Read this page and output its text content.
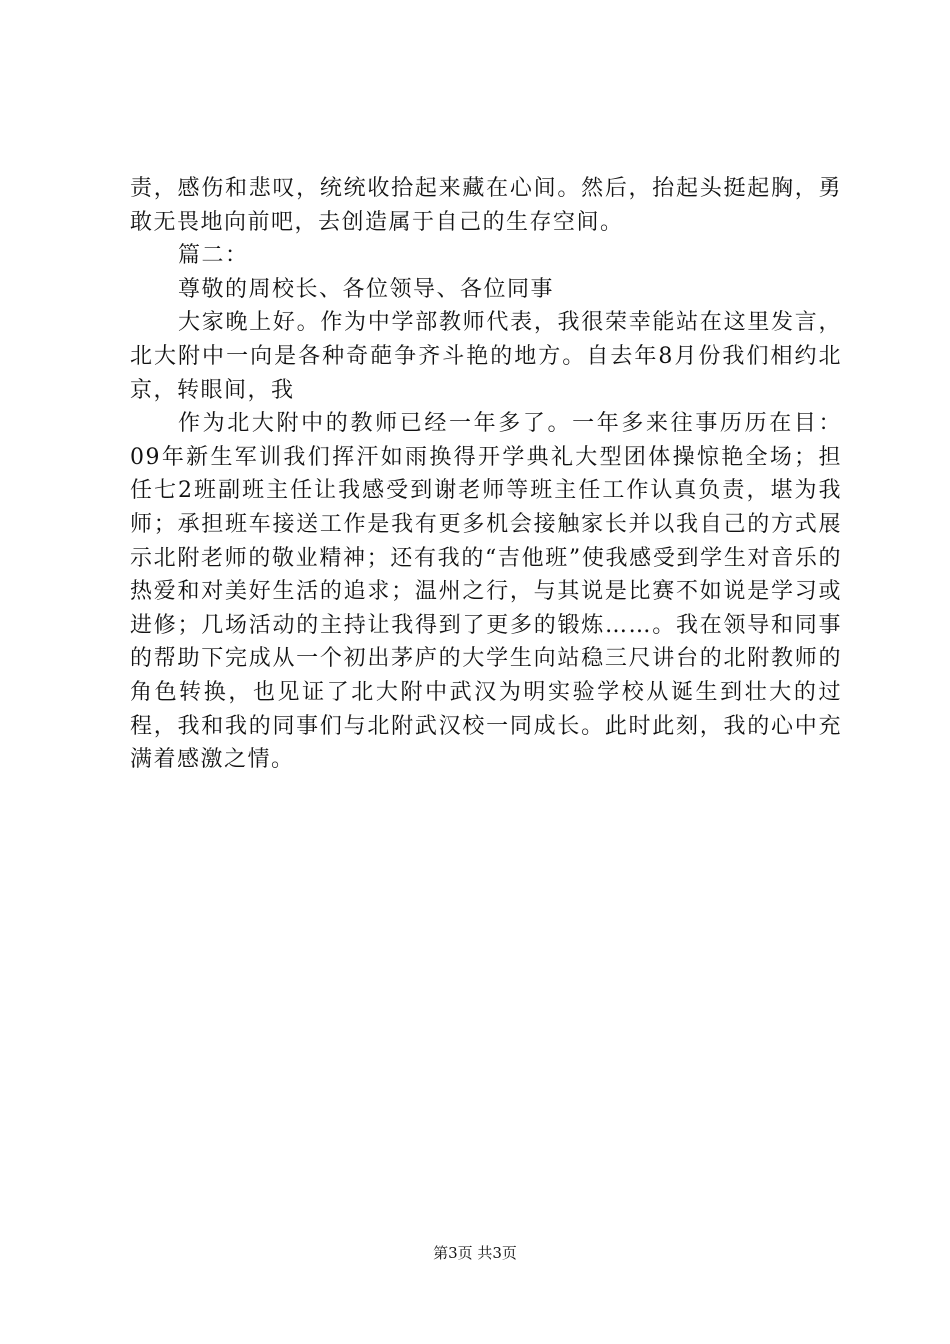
责，感伤和悲叹，统统收拾起来藏在心间。然后，抬起头挺起胸，勇敢无畏地向前吧，去创造属于自己的生存空间。

篇二：

尊敬的周校长、各位领导、各位同事

大家晚上好。作为中学部教师代表，我很荣幸能站在这里发言，北大附中一向是各种奇葩争齐斗艳的地方。自去年8月份我们相约北京，转眼间，我

作为北大附中的教师已经一年多了。一年多来往事历历在目：09年新生军训我们挥汗如雨换得开学典礼大型团体操惊艳全场；担任七2班副班主任让我感受到谢老师等班主任工作认真负责，堪为我师；承担班车接送工作是我有更多机会接触家长并以我自己的方式展示北附老师的敬业精神；还有我的“吉他班”使我感受到学生对音乐的热爱和对美好生活的追求；温州之行，与其说是比赛不如说是学习或进修；几场活动的主持让我得到了更多的锻炼……。我在领导和同事的帮助下完成从一个初出茅庐的大学生向站稳三尺讲台的北附教师的角色转换，也见证了北大附中武汉为明实验学校从诞生到壮大的过程，我和我的同事们与北附武汉校一同成长。此时此刻，我的心中充满着感激之情。

第3页 共3页
